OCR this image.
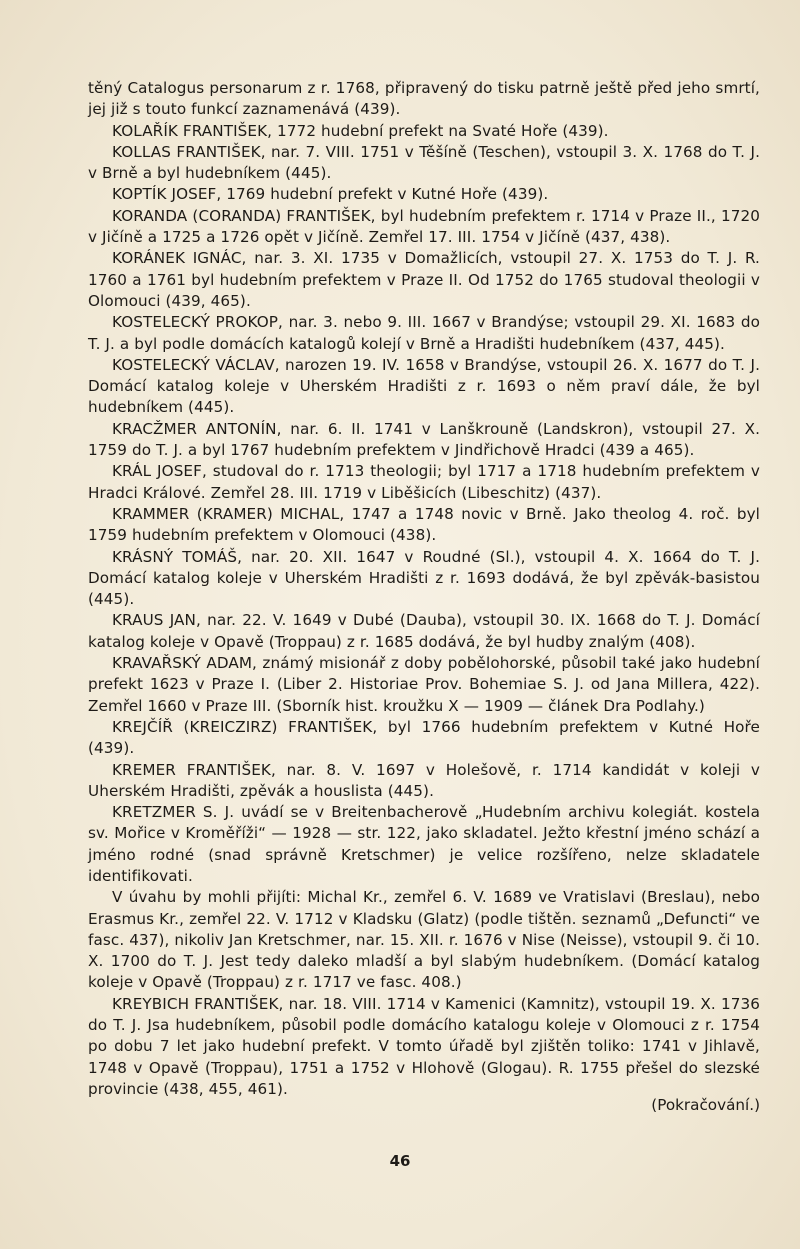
těný Catalogus personarum z r. 1768, připravený do tisku patrně ještě před jeho smrtí, jej již s touto funkcí zaznamenává (439).

KOLAŘÍK FRANTIŠEK, 1772 hudební prefekt na Svaté Hoře (439).

KOLLAS FRANTIŠEK, nar. 7. VIII. 1751 v Těšíně (Teschen), vstoupil 3. X. 1768 do T. J. v Brně a byl hudebníkem (445).

KOPTÍK JOSEF, 1769 hudební prefekt v Kutné Hoře (439).

KORANDA (CORANDA) FRANTIŠEK, byl hudebním prefektem r. 1714 v Praze II., 1720 v Jičíně a 1725 a 1726 opět v Jičíně. Zemřel 17. III. 1754 v Jičíně (437, 438).

KORÁNEK IGNÁC, nar. 3. XI. 1735 v Domažlicích, vstoupil 27. X. 1753 do T. J. R. 1760 a 1761 byl hudebním prefektem v Praze II. Od 1752 do 1765 studoval theologii v Olomouci (439, 465).

KOSTELECKÝ PROKOP, nar. 3. nebo 9. III. 1667 v Brandýse; vstoupil 29. XI. 1683 do T. J. a byl podle domácích katalogů kolejí v Brně a Hradišti hudebníkem (437, 445).

KOSTELECKÝ VÁCLAV, narozen 19. IV. 1658 v Brandýse, vstoupil 26. X. 1677 do T. J. Domácí katalog koleje v Uherském Hradišti z r. 1693 o něm praví dále, že byl hudebníkem (445).

KRACŽMER ANTONÍN, nar. 6. II. 1741 v Lanškrouně (Landskron), vstoupil 27. X. 1759 do T. J. a byl 1767 hudebním prefektem v Jindřichově Hradci (439 a 465).

KRÁL JOSEF, studoval do r. 1713 theologii; byl 1717 a 1718 hudebním prefektem v Hradci Králové. Zemřel 28. III. 1719 v Liběšicích (Libeschitz) (437).

KRAMMER (KRAMER) MICHAL, 1747 a 1748 novic v Brně. Jako theolog 4. roč. byl 1759 hudebním prefektem v Olomouci (438).

KRÁSNÝ TOMÁŠ, nar. 20. XII. 1647 v Roudné (Sl.), vstoupil 4. X. 1664 do T. J. Domácí katalog koleje v Uherském Hradišti z r. 1693 dodává, že byl zpěvák-basistou (445).

KRAUS JAN, nar. 22. V. 1649 v Dubé (Dauba), vstoupil 30. IX. 1668 do T. J. Domácí katalog koleje v Opavě (Troppau) z r. 1685 dodává, že byl hudby znalým (408).

KRAVAŘSKÝ ADAM, známý misionář z doby pobělohorské, působil také jako hudební prefekt 1623 v Praze I. (Liber 2. Historiae Prov. Bohemiae S. J. od Jana Millera, 422). Zemřel 1660 v Praze III. (Sborník hist. kroužku X — 1909 — článek Dra Podlahy.)

KREJČÍŘ (KREICZIRZ) FRANTIŠEK, byl 1766 hudebním prefektem v Kutné Hoře (439).

KREMER FRANTIŠEK, nar. 8. V. 1697 v Holešově, r. 1714 kandidát v koleji v Uherském Hradišti, zpěvák a houslista (445).

KRETZMER S. J. uvádí se v Breitenbacherově „Hudebním archivu kolegiát. kostela sv. Mořice v Kroměříži“ — 1928 — str. 122, jako skladatel. Ježto křestní jméno schází a jméno rodné (snad správně Kretschmer) je velice rozšířeno, nelze skladatele identifikovati.

V úvahu by mohli přijíti: Michal Kr., zemřel 6. V. 1689 ve Vratislavi (Breslau), nebo Erasmus Kr., zemřel 22. V. 1712 v Kladsku (Glatz) (podle tištěn. seznamů „Defuncti“ ve fasc. 437), nikoliv Jan Kretschmer, nar. 15. XII. r. 1676 v Nise (Neisse), vstoupil 9. či 10. X. 1700 do T. J. Jest tedy daleko mladší a byl slabým hudebníkem. (Domácí katalog koleje v Opavě (Troppau) z r. 1717 ve fasc. 408.)

KREYBICH FRANTIŠEK, nar. 18. VIII. 1714 v Kamenici (Kamnitz), vstoupil 19. X. 1736 do T. J. Jsa hudebníkem, působil podle domácího katalogu koleje v Olomouci z r. 1754 po dobu 7 let jako hudební prefekt. V tomto úřadě byl zjištěn toliko: 1741 v Jihlavě, 1748 v Opavě (Troppau), 1751 a 1752 v Hlohově (Glogau). R. 1755 přešel do slezské provincie (438, 455, 461).

(Pokračování.)
46
